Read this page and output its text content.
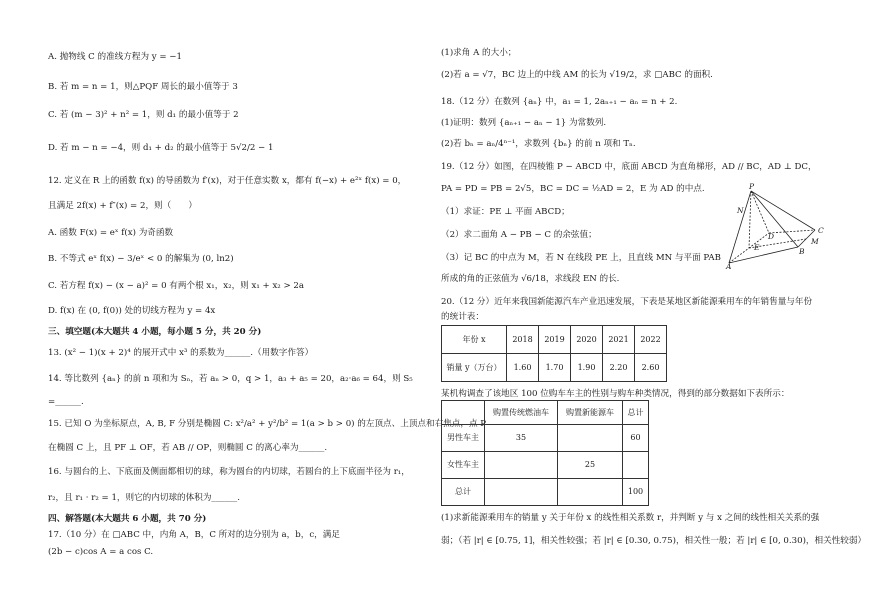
A. 抛物线 C 的准线方程为 y = −1
B. 若 m = n = 1，则△PQF 周长的最小值等于 3
C. 若 (m − 3)² + n² = 1，则 d₁ 的最小值等于 2
D. 若 m − n = −4，则 d₁ + d₂ 的最小值等于 5√2/2 − 1
12. 定义在 R 上的函数 f(x) 的导函数为 f′(x)，对于任意实数 x，都有 f(−x) + e²ˣ f(x) = 0，
且满足 2f(x) + f″(x) = 2，则（　　）
A. 函数 F(x) = eˣ f(x) 为奇函数
B. 不等式 eˣ f(x) − 3/eˣ < 0 的解集为 (0, ln2)
C. 若方程 f(x) − (x − a)² = 0 有两个根 x₁，x₂，则 x₁ + x₂ > 2a
D. f(x) 在 (0, f(0)) 处的切线方程为 y = 4x
三、填空题(本大题共 4 小题，每小题 5 分，共 20 分)
13. (x² − 1)(x + 2)⁴ 的展开式中 x³ 的系数为______.（用数字作答）
14. 等比数列 {aₙ} 的前 n 项和为 Sₙ，若 aₙ > 0，q > 1，a₃ + a₅ = 20，a₂·a₆ = 64，则 S₅
=______.
15. 已知 O 为坐标原点，A, B, F 分别是椭圆 C: x²/a² + y²/b² = 1(a > b > 0) 的左顶点、上顶点和右焦点，点 P
在椭圆 C 上，且 PF ⊥ OF，若 AB // OP，则椭圆 C 的离心率为______.
16. 与圆台的上、下底面及侧面都相切的球，称为圆台的内切球，若圆台的上下底面半径为 r₁，
r₂，且 r₁ · r₂ = 1，则它的内切球的体积为______.
四、解答题(本大题共 6 小题，共 70 分)
17.（10 分）在 □ABC 中，内角 A，B，C 所对的边分别为 a，b，c，满足
(2b − c)cos A = a cos C.
(1)求角 A 的大小；
(2)若 a = √7，BC 边上的中线 AM 的长为 √19/2，求 □ABC 的面积.
18.（12 分）在数列 {aₙ} 中，a₁ = 1, 2aₙ₊₁ − aₙ = n + 2.
(1)证明：数列 {aₙ₊₁ − aₙ − 1} 为常数列.
(2)若 bₙ = aₙ/4ⁿ⁻¹，求数列 {bₙ} 的前 n 项和 Tₙ.
19.（12 分）如图，在四棱锥 P − ABCD 中，底面 ABCD 为直角梯形，AD // BC，AD ⊥ DC，
PA = PD = PB = 2√5，BC = DC = ½AD = 2，E 为 AD 的中点.
（1）求证：PE ⊥ 平面 ABCD；
（2）求二面角 A − PB − C 的余弦值；
（3）记 BC 的中点为 M，若 N 在线段 PE 上，且直线 MN 与平面 PAB
所成的角的正弦值为 √6/18，求线段 EN 的长.
20.（12 分）近年来我国新能源汽车产业迅速发展，下表是某地区新能源乘用车的年销售量与年份
的统计表：
P
A
B
C
D
E
M
N
年份 x	2018	2019	2020	2021	2022
销量 y（万台）	1.60	1.70	1.90	2.20	2.60
某机构调查了该地区 100 位购车车主的性别与购车种类情况，得到的部分数据如下表所示：
	购置传统燃油车	购置新能源车	总计
男性车主	35		60
女性车主		25	
总计			100
(1)求新能源乘用车的销量 y 关于年份 x 的线性相关系数 r，并判断 y 与 x 之间的线性相关关系的强
弱；（若 |r| ∈ [0.75, 1]，相关性较强；若 |r| ∈ [0.30, 0.75)，相关性一般；若 |r| ∈ [0, 0.30)，相关性较弱）
